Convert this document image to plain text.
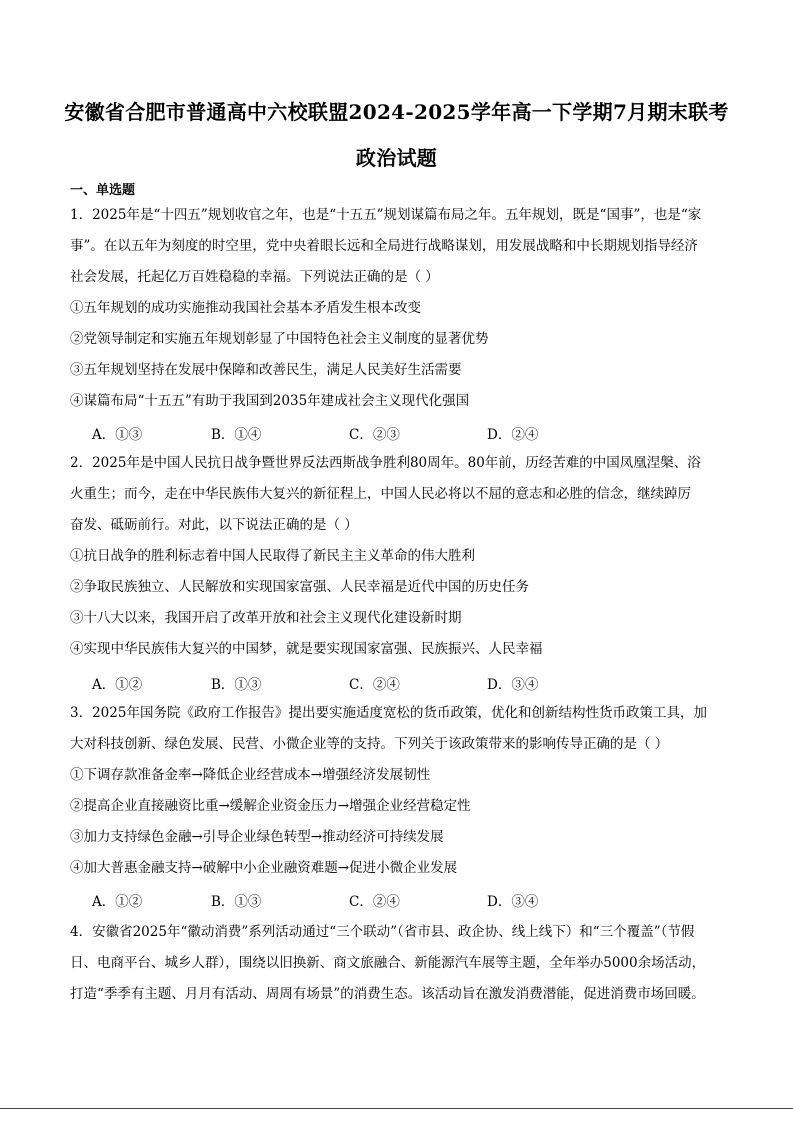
安徽省合肥市普通高中六校联盟2024-2025学年高一下学期7月期末联考
政治试题
一、单选题
1．2025年是“十四五”规划收官之年，也是“十五五”规划谋篇布局之年。五年规划，既是“国事”，也是“家
事”。在以五年为刻度的时空里，党中央着眼长远和全局进行战略谋划，用发展战略和中长期规划指导经济
社会发展，托起亿万百姓稳稳的幸福。下列说法正确的是（ ）
①五年规划的成功实施推动我国社会基本矛盾发生根本改变
②党领导制定和实施五年规划彰显了中国特色社会主义制度的显著优势
③五年规划坚持在发展中保障和改善民生，满足人民美好生活需要
④谋篇布局“十五五”有助于我国到2035年建成社会主义现代化强国
A．①③	B．①④	C．②③	D．②④
2．2025年是中国人民抗日战争暨世界反法西斯战争胜利80周年。80年前，历经苦难的中国凤凰涅槃、浴
火重生；而今，走在中华民族伟大复兴的新征程上，中国人民必将以不屈的意志和必胜的信念，继续踔厉
奋发、砥砺前行。对此，以下说法正确的是（ ）
①抗日战争的胜利标志着中国人民取得了新民主主义革命的伟大胜利
②争取民族独立、人民解放和实现国家富强、人民幸福是近代中国的历史任务
③十八大以来，我国开启了改革开放和社会主义现代化建设新时期
④实现中华民族伟大复兴的中国梦，就是要实现国家富强、民族振兴、人民幸福
A．①②	B．①③	C．②④	D．③④
3．2025年国务院《政府工作报告》提出要实施适度宽松的货币政策，优化和创新结构性货币政策工具，加
大对科技创新、绿色发展、民营、小微企业等的支持。下列关于该政策带来的影响传导正确的是（ ）
①下调存款准备金率→降低企业经营成本→增强经济发展韧性
②提高企业直接融资比重→缓解企业资金压力→增强企业经营稳定性
③加力支持绿色金融→引导企业绿色转型→推动经济可持续发展
④加大普惠金融支持→破解中小企业融资难题→促进小微企业发展
A．①②	B．①③	C．②④	D．③④
4．安徽省2025年“徽动消费”系列活动通过“三个联动”（省市县、政企协、线上线下）和“三个覆盖”（节假
日、电商平台、城乡人群），围绕以旧换新、商文旅融合、新能源汽车展等主题，全年举办5000余场活动，
打造“季季有主题、月月有活动、周周有场景”的消费生态。该活动旨在激发消费潜能，促进消费市场回暖。
